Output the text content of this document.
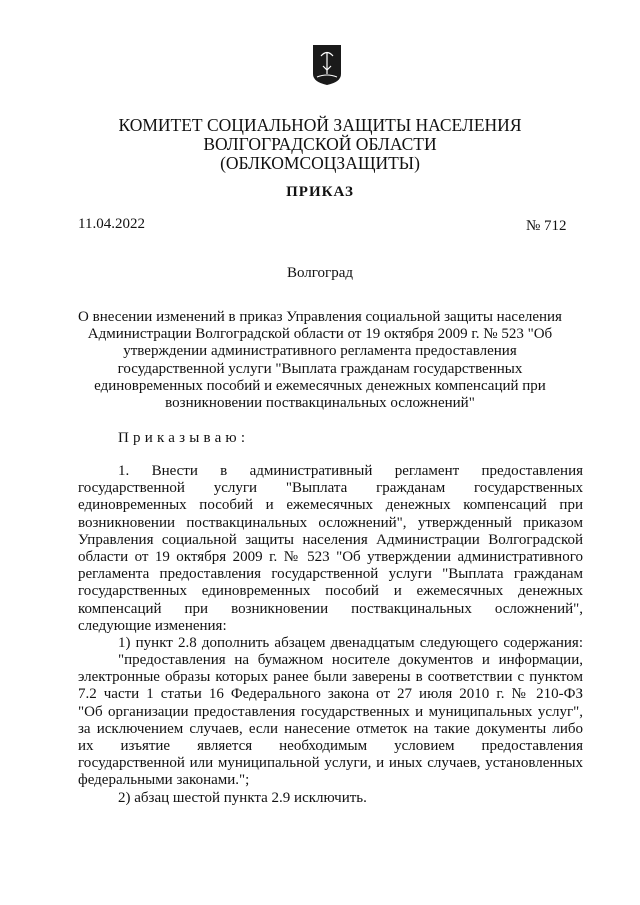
КОМИТЕТ СОЦИАЛЬНОЙ ЗАЩИТЫ НАСЕЛЕНИЯ
ВОЛГОГРАДСКОЙ ОБЛАСТИ
(ОБЛКОМСОЦЗАЩИТЫ)
ПРИКАЗ
11.04.2022	№ 712
Волгоград
О внесении изменений в приказ Управления социальной защиты населения
Администрации Волгоградской области от 19 октября 2009 г. № 523 "Об
утверждении административного регламента предоставления
государственной услуги "Выплата гражданам государственных
единовременных пособий и ежемесячных денежных компенсаций при
возникновении поствакцинальных осложнений"
Приказываю:
1. Внести в административный регламент предоставления
государственной услуги "Выплата гражданам государственных
единовременных пособий и ежемесячных денежных компенсаций при
возникновении поствакцинальных осложнений", утвержденный приказом
Управления социальной защиты населения Администрации Волгоградской
области от 19 октября 2009 г. № 523 "Об утверждении административного
регламента предоставления государственной услуги "Выплата гражданам
государственных единовременных пособий и ежемесячных денежных
компенсаций при возникновении поствакцинальных осложнений",
следующие изменения:
1) пункт 2.8 дополнить абзацем двенадцатым следующего содержания:
"предоставления на бумажном носителе документов и информации,
электронные образы которых ранее были заверены в соответствии с пунктом
7.2 части 1 статьи 16 Федерального закона от 27 июля 2010 г. № 210-ФЗ
"Об организации предоставления государственных и муниципальных услуг",
за исключением случаев, если нанесение отметок на такие документы либо
их изъятие является необходимым условием предоставления
государственной или муниципальной услуги, и иных случаев, установленных
федеральными законами.";
2) абзац шестой пункта 2.9 исключить.
